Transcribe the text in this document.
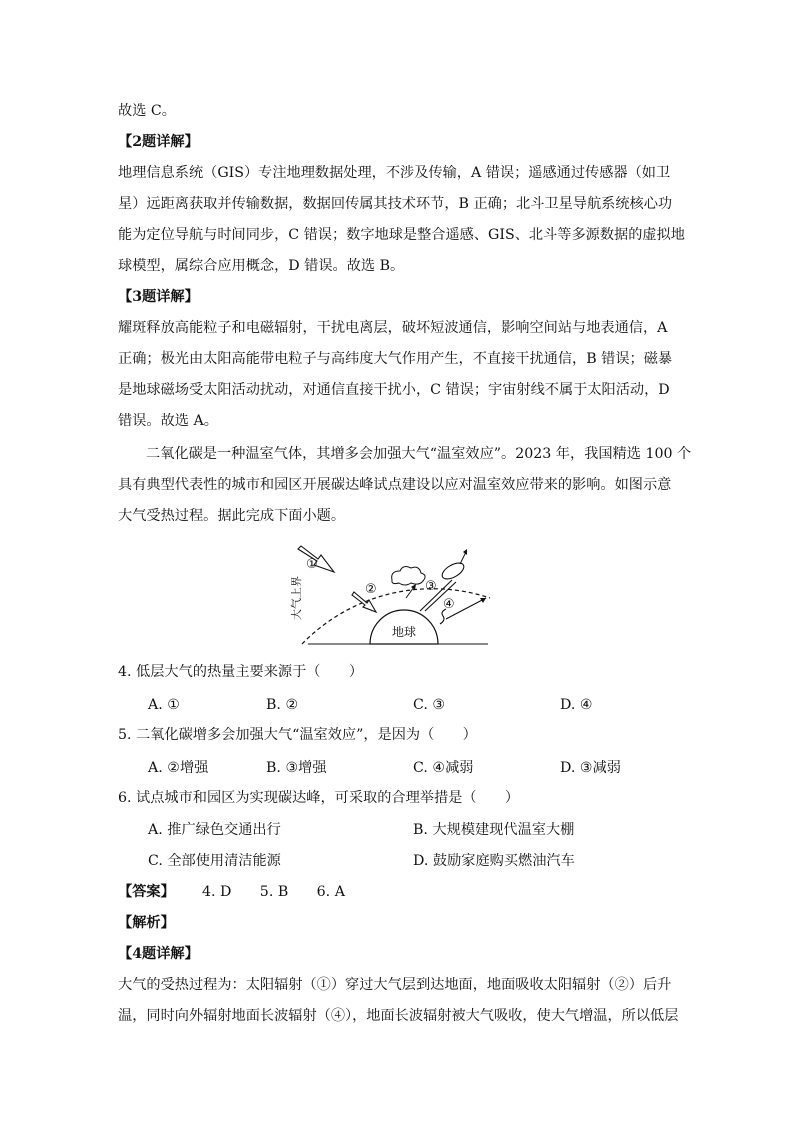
故选 C。
【2题详解】
地理信息系统（GIS）专注地理数据处理，不涉及传输，A 错误；遥感通过传感器（如卫
星）远距离获取并传输数据，数据回传属其技术环节，B 正确；北斗卫星导航系统核心功
能为定位导航与时间同步，C 错误；数字地球是整合遥感、GIS、北斗等多源数据的虚拟地
球模型，属综合应用概念，D 错误。故选 B。
【3题详解】
耀斑释放高能粒子和电磁辐射，干扰电离层，破坏短波通信，影响空间站与地表通信，A
正确；极光由太阳高能带电粒子与高纬度大气作用产生，不直接干扰通信，B 错误；磁暴
是地球磁场受太阳活动扰动，对通信直接干扰小，C 错误；宇宙射线不属于太阳活动，D
错误。故选 A。
二氧化碳是一种温室气体，其增多会加强大气“温室效应”。2023 年，我国精选 100 个
具有典型代表性的城市和园区开展碳达峰试点建设以应对温室效应带来的影响。如图示意
大气受热过程。据此完成下面小题。
4. 低层大气的热量主要来源于（　　）
A. ①	B. ②	C. ③	D. ④
5. 二氧化碳增多会加强大气“温室效应”，是因为（　　）
A. ②增强	B. ③增强	C. ④减弱	D. ③减弱
6. 试点城市和园区为实现碳达峰，可采取的合理举措是（　　）
A. 推广绿色交通出行	B. 大规模建现代温室大棚
C. 全部使用清洁能源	D. 鼓励家庭购买燃油汽车
【答案】	4. D　　5. B　　6. A
【解析】
【4题详解】
大气的受热过程为：太阳辐射（①）穿过大气层到达地面，地面吸收太阳辐射（②）后升
温，同时向外辐射地面长波辐射（④），地面长波辐射被大气吸收，使大气增温，所以低层
地球
大气上界
①
②	③
④
